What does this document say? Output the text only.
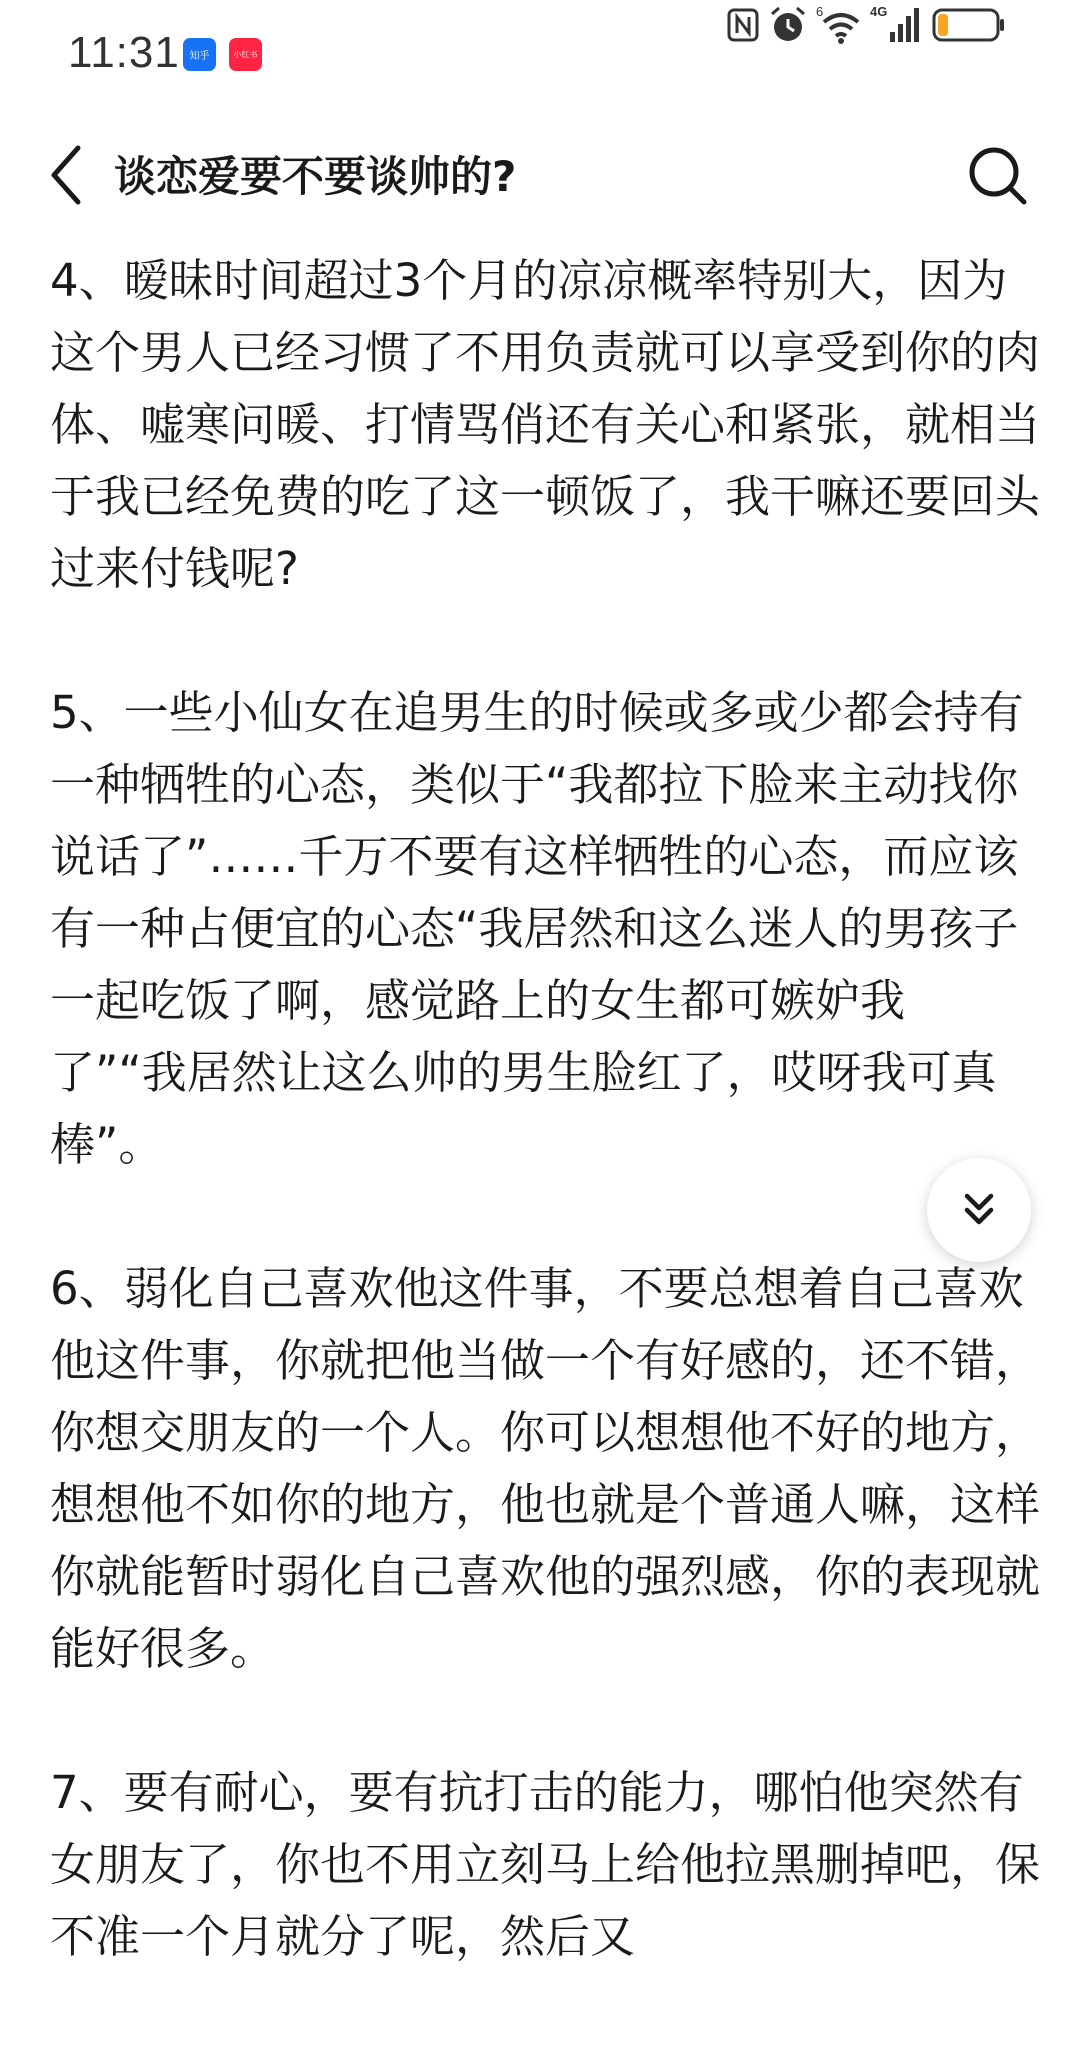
11:31 知乎	小红书
6	4G
谈恋爱要不要谈帅的?

4、暧昧时间超过3个月的凉凉概率特别大，因为这个男人已经习惯了不用负责就可以享受到你的肉体、嘘寒问暖、打情骂俏还有关心和紧张，就相当于我已经免费的吃了这一顿饭了，我干嘛还要回头过来付钱呢?

5、一些小仙女在追男生的时候或多或少都会持有一种牺牲的心态，类似于“我都拉下脸来主动找你说话了”……千万不要有这样牺牲的心态，而应该有一种占便宜的心态“我居然和这么迷人的男孩子一起吃饭了啊，感觉路上的女生都可嫉妒我了”“我居然让这么帅的男生脸红了，哎呀我可真棒”。

6、弱化自己喜欢他这件事，不要总想着自己喜欢他这件事，你就把他当做一个有好感的，还不错，你想交朋友的一个人。你可以想想他不好的地方，想想他不如你的地方，他也就是个普通人嘛，这样你就能暂时弱化自己喜欢他的强烈感，你的表现就能好很多。

7、要有耐心，要有抗打击的能力，哪怕他突然有女朋友了，你也不用立刻马上给他拉黑删掉吧，保不准一个月就分了呢，然后又
